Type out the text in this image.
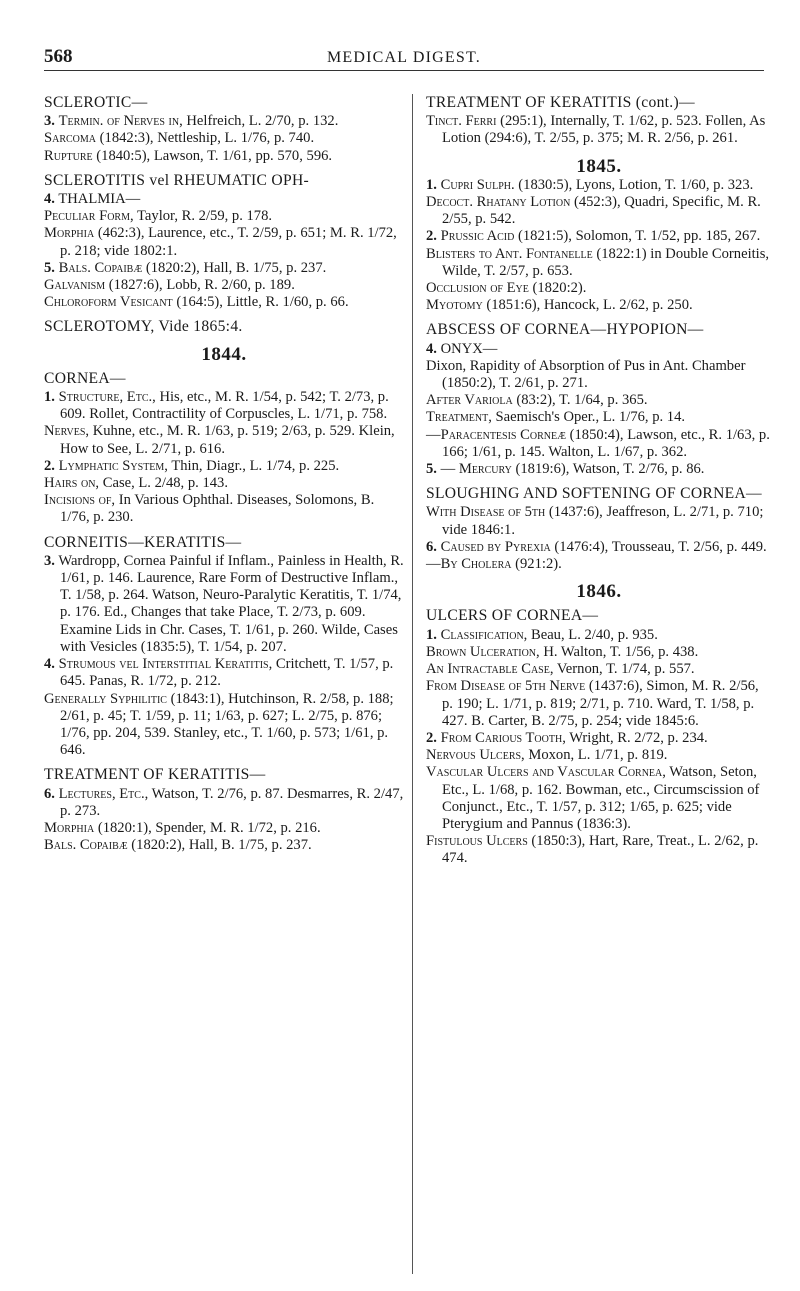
568	MEDICAL DIGEST.
SCLEROTIC—
3. Termin. of Nerves in, Helfreich, L. 2/70, p. 132.
Sarcoma (1842:3), Nettleship, L. 1/76, p. 740.
Rupture (1840:5), Lawson, T. 1/61, pp. 570, 596.
SCLEROTITIS vel RHEUMATIC OPH-
4. THALMIA—
Peculiar Form, Taylor, R. 2/59, p. 178.
Morphia (462:3), Laurence, etc., T. 2/59, p. 651; M. R. 1/72, p. 218; vide 1802:1.
5. Bals. Copaibæ (1820:2), Hall, B. 1/75, p. 237.
Galvanism (1827:6), Lobb, R. 2/60, p. 189.
Chloroform Vesicant (164:5), Little, R. 1/60, p. 66.
SCLEROTOMY, Vide 1865:4.
1844.
CORNEA—
1. Structure, Etc., His, etc., M. R. 1/54, p. 542; T. 2/73, p. 609. Rollet, Contractility of Corpuscles, L. 1/71, p. 758.
Nerves, Kuhne, etc., M. R. 1/63, p. 519; 2/63, p. 529. Klein, How to See, L. 2/71, p. 616.
2. Lymphatic System, Thin, Diagr., L. 1/74, p. 225.
Hairs on, Case, L. 2/48, p. 143.
Incisions of, In Various Ophthal. Diseases, Solomons, B. 1/76, p. 230.
CORNEITIS—KERATITIS—
3. Wardropp, Cornea Painful if Inflam., Painless in Health, R. 1/61, p. 146. Laurence, Rare Form of Destructive Inflam., T. 1/58, p. 264. Watson, Neuro-Paralytic Keratitis, T. 1/74, p. 176. Ed., Changes that take Place, T. 2/73, p. 609. Examine Lids in Chr. Cases, T. 1/61, p. 260. Wilde, Cases with Vesicles (1835:5), T. 1/54, p. 207.
4. Strumous vel Interstitial Keratitis, Critchett, T. 1/57, p. 645. Panas, R. 1/72, p. 212.
Generally Syphilitic (1843:1), Hutchinson, R. 2/58, p. 188; 2/61, p. 45; T. 1/59, p. 11; 1/63, p. 627; L. 2/75, p. 876; 1/76, pp. 204, 539. Stanley, etc., T. 1/60, p. 573; 1/61, p. 646.
TREATMENT OF KERATITIS—
6. Lectures, Etc., Watson, T. 2/76, p. 87. Desmarres, R. 2/47, p. 273.
Morphia (1820:1), Spender, M. R. 1/72, p. 216.
Bals. Copaibæ (1820:2), Hall, B. 1/75, p. 237.
TREATMENT OF KERATITIS (cont.)—
Tinct. Ferri (295:1), Internally, T. 1/62, p. 523. Follen, As Lotion (294:6), T. 2/55, p. 375; M. R. 2/56, p. 261.
1845.
1. Cupri Sulph. (1830:5), Lyons, Lotion, T. 1/60, p. 323.
Decoct. Rhatany Lotion (452:3), Quadri, Specific, M. R. 2/55, p. 542.
2. Prussic Acid (1821:5), Solomon, T. 1/52, pp. 185, 267.
Blisters to Ant. Fontanelle (1822:1) in Double Corneitis, Wilde, T. 2/57, p. 653.
Occlusion of Eye (1820:2).
Myotomy (1851:6), Hancock, L. 2/62, p. 250.
ABSCESS OF CORNEA—HYPOPION—
4. ONYX—
Dixon, Rapidity of Absorption of Pus in Ant. Chamber (1850:2), T. 2/61, p. 271.
After Variola (83:2), T. 1/64, p. 365.
Treatment, Saemisch's Oper., L. 1/76, p. 14.
—Paracentesis Corneæ (1850:4), Lawson, etc., R. 1/63, p. 166; 1/61, p. 145. Walton, L. 1/67, p. 362.
5. — Mercury (1819:6), Watson, T. 2/76, p. 86.
SLOUGHING AND SOFTENING OF CORNEA—
With Disease of 5th (1437:6), Jeaffreson, L. 2/71, p. 710; vide 1846:1.
6. Caused by Pyrexia (1476:4), Trousseau, T. 2/56, p. 449.
—By Cholera (921:2).
1846.
ULCERS OF CORNEA—
1. Classification, Beau, L. 2/40, p. 935.
Brown Ulceration, H. Walton, T. 1/56, p. 438.
An Intractable Case, Vernon, T. 1/74, p. 557.
From Disease of 5th Nerve (1437:6), Simon, M. R. 2/56, p. 190; L. 1/71, p. 819; 2/71, p. 710. Ward, T. 1/58, p. 427. B. Carter, B. 2/75, p. 254; vide 1845:6.
2. From Carious Tooth, Wright, R. 2/72, p. 234.
Nervous Ulcers, Moxon, L. 1/71, p. 819.
Vascular Ulcers and Vascular Cornea, Watson, Seton, Etc., L. 1/68, p. 162. Bowman, etc., Circumscission of Conjunct., Etc., T. 1/57, p. 312; 1/65, p. 625; vide Pterygium and Pannus (1836:3).
Fistulous Ulcers (1850:3), Hart, Rare, Treat., L. 2/62, p. 474.
